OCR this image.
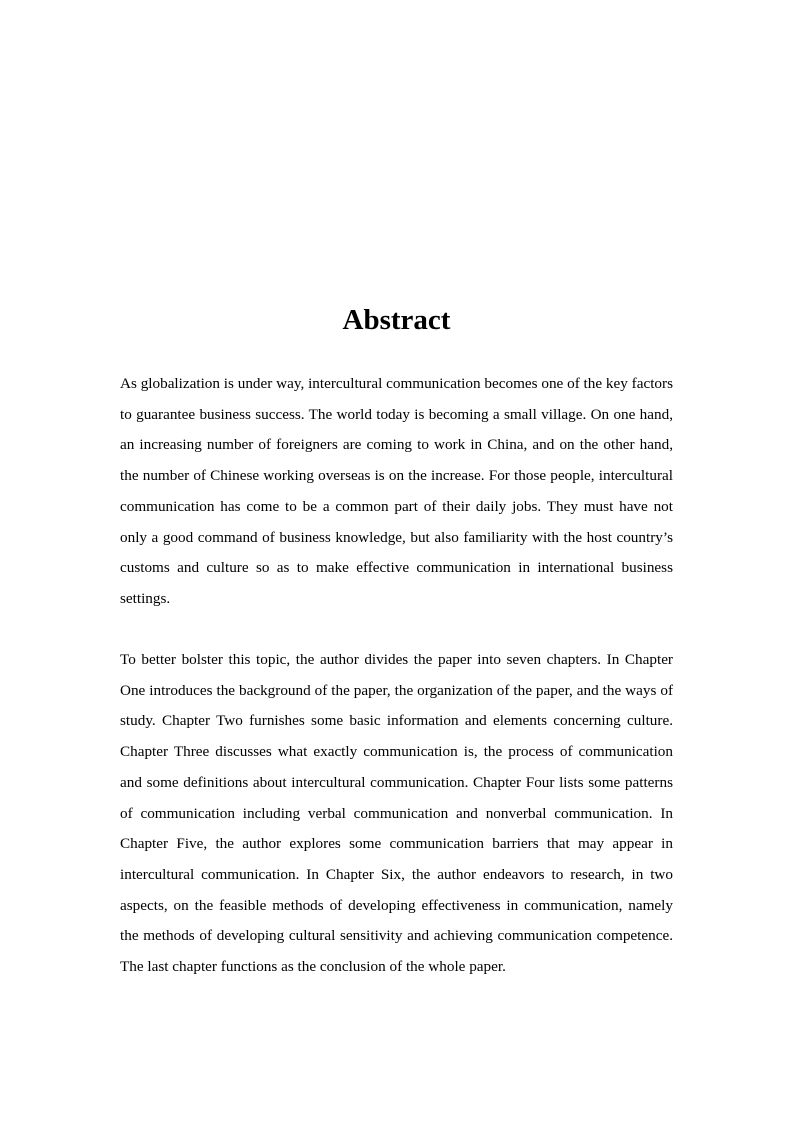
Abstract

As globalization is under way, intercultural communication becomes one of the key factors to guarantee business success. The world today is becoming a small village. On one hand, an increasing number of foreigners are coming to work in China, and on the other hand, the number of Chinese working overseas is on the increase. For those people, intercultural communication has come to be a common part of their daily jobs. They must have not only a good command of business knowledge, but also familiarity with the host country’s customs and culture so as to make effective communication in international business settings.

To better bolster this topic, the author divides the paper into seven chapters. In Chapter One introduces the background of the paper, the organization of the paper, and the ways of study. Chapter Two furnishes some basic information and elements concerning culture. Chapter Three discusses what exactly communication is, the process of communication and some definitions about intercultural communication. Chapter Four lists some patterns of communication including verbal communication and nonverbal communication. In Chapter Five, the author explores some communication barriers that may appear in intercultural communication. In Chapter Six, the author endeavors to research, in two aspects, on the feasible methods of developing effectiveness in communication, namely the methods of developing cultural sensitivity and achieving communication competence. The last chapter functions as the conclusion of the whole paper.
